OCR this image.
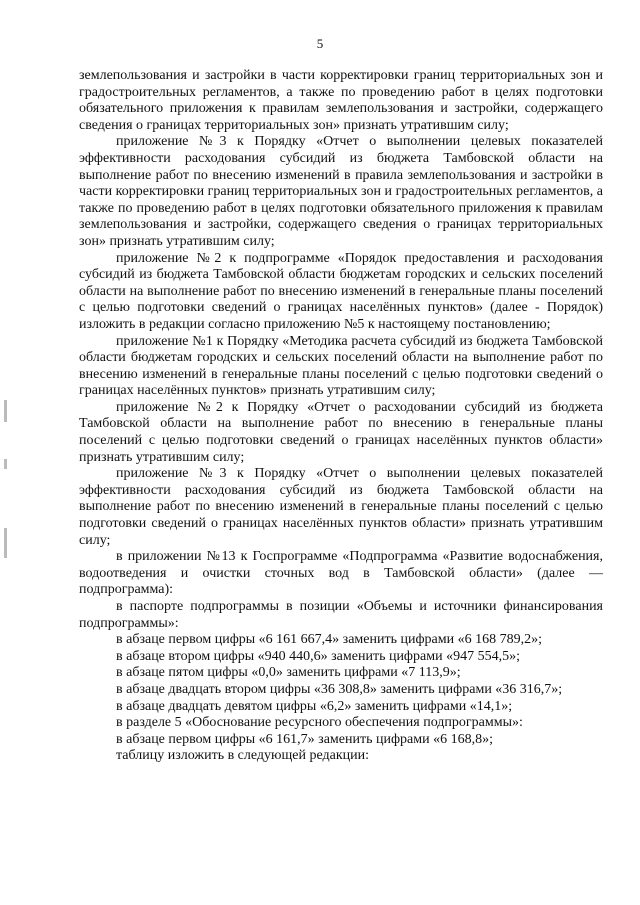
5

землепользования и застройки в части корректировки границ территориальных зон и градостроительных регламентов, а также по проведению работ в целях подготовки обязательного приложения к правилам землепользования и застройки, содержащего сведения о границах территориальных зон» признать утратившим силу;

приложение №3 к Порядку «Отчет о выполнении целевых показателей эффективности расходования субсидий из бюджета Тамбовской области на выполнение работ по внесению изменений в правила землепользования и застройки в части корректировки границ территориальных зон и градостроительных регламентов, а также по проведению работ в целях подготовки обязательного приложения к правилам землепользования и застройки, содержащего сведения о границах территориальных зон» признать утратившим силу;

приложение №2 к подпрограмме «Порядок предоставления и расходования субсидий из бюджета Тамбовской области бюджетам городских и сельских поселений области на выполнение работ по внесению изменений в генеральные планы поселений с целью подготовки сведений о границах населённых пунктов» (далее - Порядок) изложить в редакции согласно приложению №5 к настоящему постановлению;

приложение №1 к Порядку «Методика расчета субсидий из бюджета Тамбовской области бюджетам городских и сельских поселений области на выполнение работ по внесению изменений в генеральные планы поселений с целью подготовки сведений о границах населённых пунктов» признать утратившим силу;

приложение №2 к Порядку «Отчет о расходовании субсидий из бюджета Тамбовской области на выполнение работ по внесению в генеральные планы поселений с целью подготовки сведений о границах населённых пунктов области» признать утратившим силу;

приложение №3 к Порядку «Отчет о выполнении целевых показателей эффективности расходования субсидий из бюджета Тамбовской области на выполнение работ по внесению изменений в генеральные планы поселений с целью подготовки сведений о границах населённых пунктов области» признать утратившим силу;

в приложении №13 к Госпрограмме «Подпрограмма «Развитие водоснабжения, водоотведения и очистки сточных вод в Тамбовской области» (далее — подпрограмма):

в паспорте подпрограммы в позиции «Объемы и источники финансирования подпрограммы»:

в абзаце первом цифры «6 161 667,4» заменить цифрами «6 168 789,2»;

в абзаце втором цифры «940 440,6» заменить цифрами «947 554,5»;

в абзаце пятом цифры «0,0» заменить цифрами «7 113,9»;

в абзаце двадцать втором цифры «36 308,8» заменить цифрами «36 316,7»;

в абзаце двадцать девятом цифры «6,2» заменить цифрами «14,1»;

в разделе 5 «Обоснование ресурсного обеспечения подпрограммы»:

в абзаце первом цифры «6 161,7» заменить цифрами «6 168,8»;

таблицу изложить в следующей редакции:
